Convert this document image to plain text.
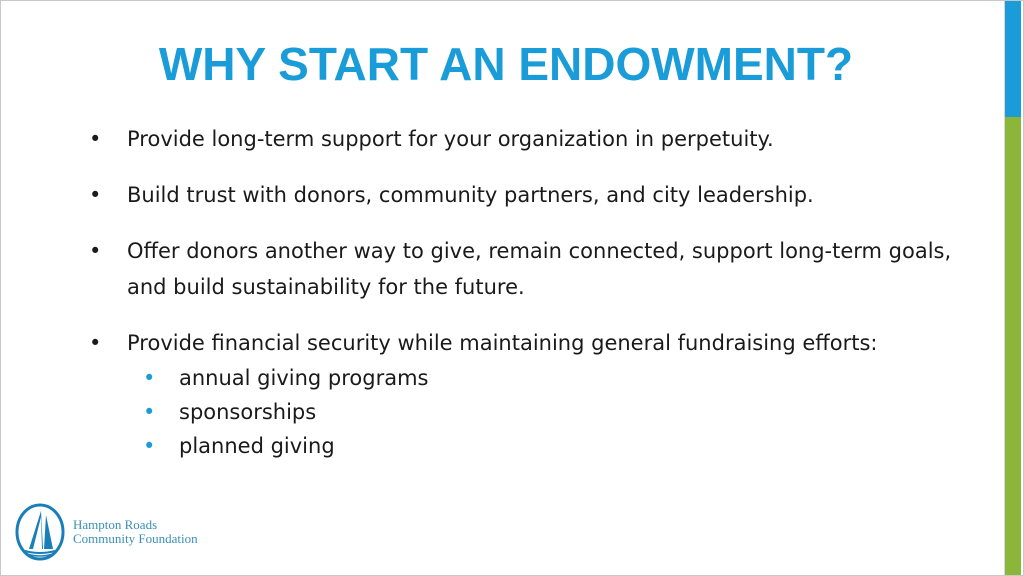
WHY START AN ENDOWMENT?
• Provide long-term support for your organization in perpetuity.
• Build trust with donors, community partners, and city leadership.
• Offer donors another way to give, remain connected, support long-term goals, and build sustainability for the future.
• Provide financial security while maintaining general fundraising efforts:
• annual giving programs
• sponsorships
• planned giving
Hampton Roads
Community Foundation
